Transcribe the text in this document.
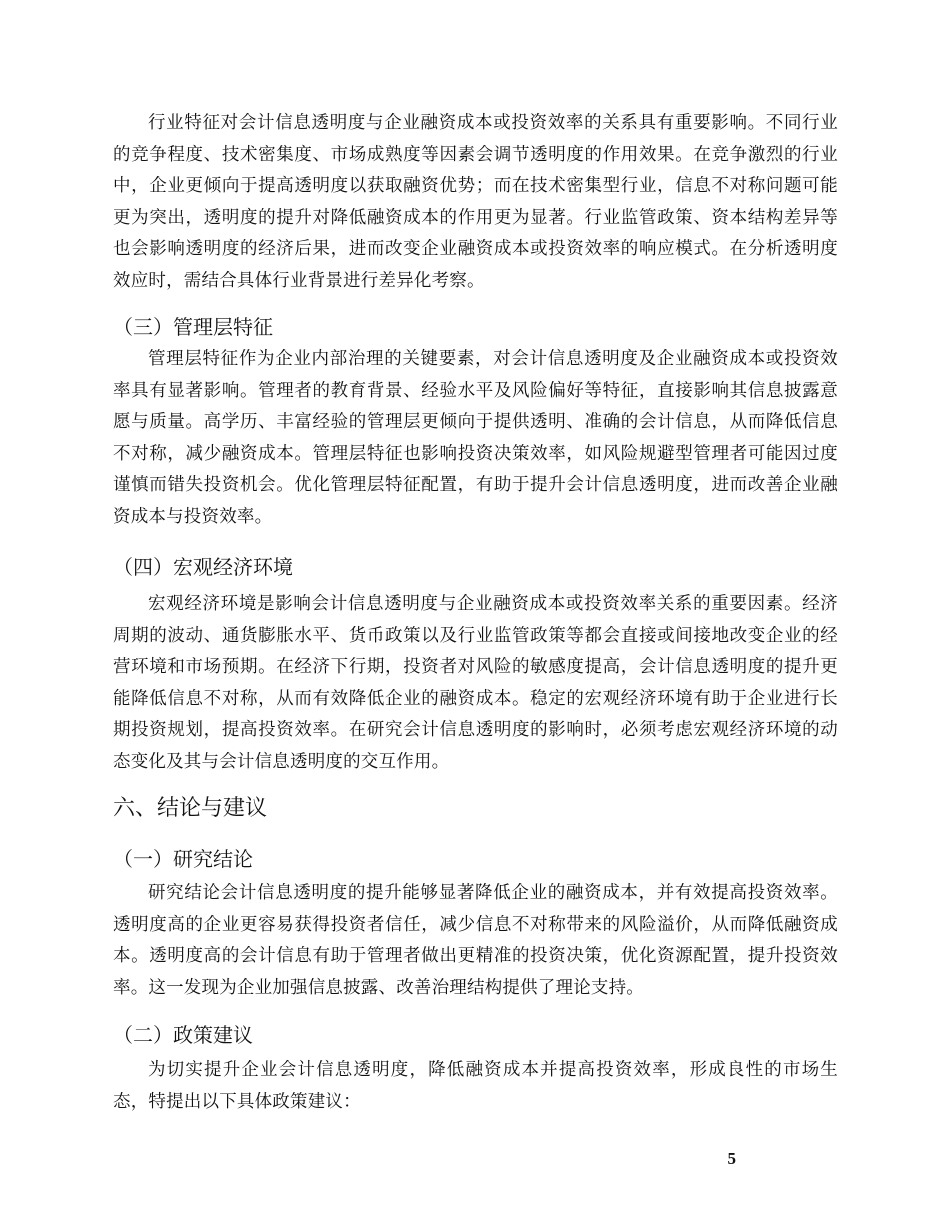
行业特征对会计信息透明度与企业融资成本或投资效率的关系具有重要影响。不同行业的竞争程度、技术密集度、市场成熟度等因素会调节透明度的作用效果。在竞争激烈的行业中，企业更倾向于提高透明度以获取融资优势；而在技术密集型行业，信息不对称问题可能更为突出，透明度的提升对降低融资成本的作用更为显著。行业监管政策、资本结构差异等也会影响透明度的经济后果，进而改变企业融资成本或投资效率的响应模式。在分析透明度效应时，需结合具体行业背景进行差异化考察。

（三）管理层特征

管理层特征作为企业内部治理的关键要素，对会计信息透明度及企业融资成本或投资效率具有显著影响。管理者的教育背景、经验水平及风险偏好等特征，直接影响其信息披露意愿与质量。高学历、丰富经验的管理层更倾向于提供透明、准确的会计信息，从而降低信息不对称，减少融资成本。管理层特征也影响投资决策效率，如风险规避型管理者可能因过度谨慎而错失投资机会。优化管理层特征配置，有助于提升会计信息透明度，进而改善企业融资成本与投资效率。

（四）宏观经济环境

宏观经济环境是影响会计信息透明度与企业融资成本或投资效率关系的重要因素。经济周期的波动、通货膨胀水平、货币政策以及行业监管政策等都会直接或间接地改变企业的经营环境和市场预期。在经济下行期，投资者对风险的敏感度提高，会计信息透明度的提升更能降低信息不对称，从而有效降低企业的融资成本。稳定的宏观经济环境有助于企业进行长期投资规划，提高投资效率。在研究会计信息透明度的影响时，必须考虑宏观经济环境的动态变化及其与会计信息透明度的交互作用。

六、结论与建议
（一）研究结论

研究结论会计信息透明度的提升能够显著降低企业的融资成本，并有效提高投资效率。透明度高的企业更容易获得投资者信任，减少信息不对称带来的风险溢价，从而降低融资成本。透明度高的会计信息有助于管理者做出更精准的投资决策，优化资源配置，提升投资效率。这一发现为企业加强信息披露、改善治理结构提供了理论支持。

（二）政策建议

为切实提升企业会计信息透明度，降低融资成本并提高投资效率，形成良性的市场生态，特提出以下具体政策建议：

5
